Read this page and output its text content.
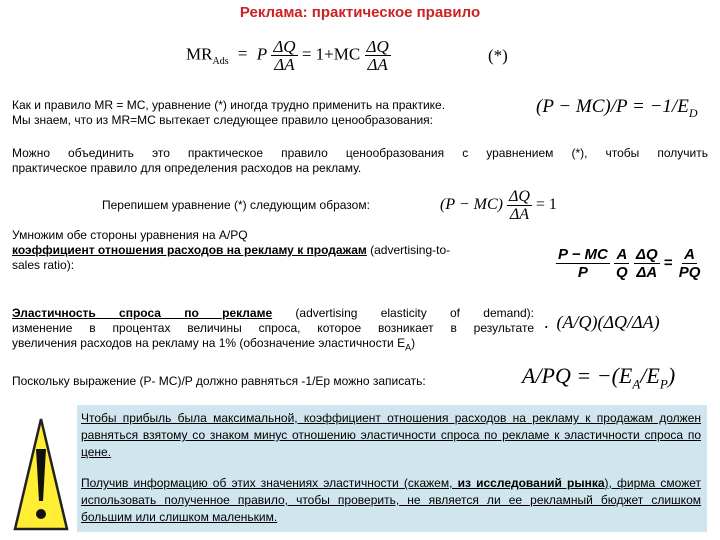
Реклама: практическое правило
$MR_{Ads} = P \frac{\Delta Q}{\Delta A} = 1+MC \frac{\Delta Q}{\Delta A}$	(*)
Как и правило MR = MC, уравнение (*) иногда трудно применить на практике.
Мы знаем, что из MR=MC вытекает следующее правило ценообразования:
$(P - MC)/P = -1/E_D$
Можно объединить это практическое правило ценообразования с уравнением (*), чтобы получить
практическое правило для определения расходов на рекламу.
Перепишем уравнение (*) следующим образом:	$(P - MC) \frac{\Delta Q}{\Delta A} = 1$
Умножим обе стороны уравнения на A/PQ
коэффициент отношения расходов на рекламу к продажам (advertising-to-
sales ratio):	$\frac{P - MC}{P}$
$\frac{A}{Q}$
$\frac{\Delta Q}{\Delta A} = \frac{A}{PQ}$
Эластичность спроса по рекламе (advertising elasticity of demand):
изменение в процентах величины спроса, которое возникает в результате
увеличения расходов на рекламу на 1% (обозначение эластичности $E_A$)
. (A/Q)(ΔQ/ΔA)
Поскольку выражение (P- MC)/P должно равняться -1/Ep можно записать:	$A/PQ = -(E_A/E_P)$
Чтобы прибыль была максимальной, коэффициент отношения расходов на рекламу к продажам должен равняться взятому со знаком минус отношению эластичности спроса по рекламе к эластичности спроса по цене.
Получив информацию об этих значениях эластичности (скажем, из исследований рынка), фирма сможет использовать полученное правило, чтобы проверить, не является ли ее рекламный бюджет слишком большим или слишком маленьким.
